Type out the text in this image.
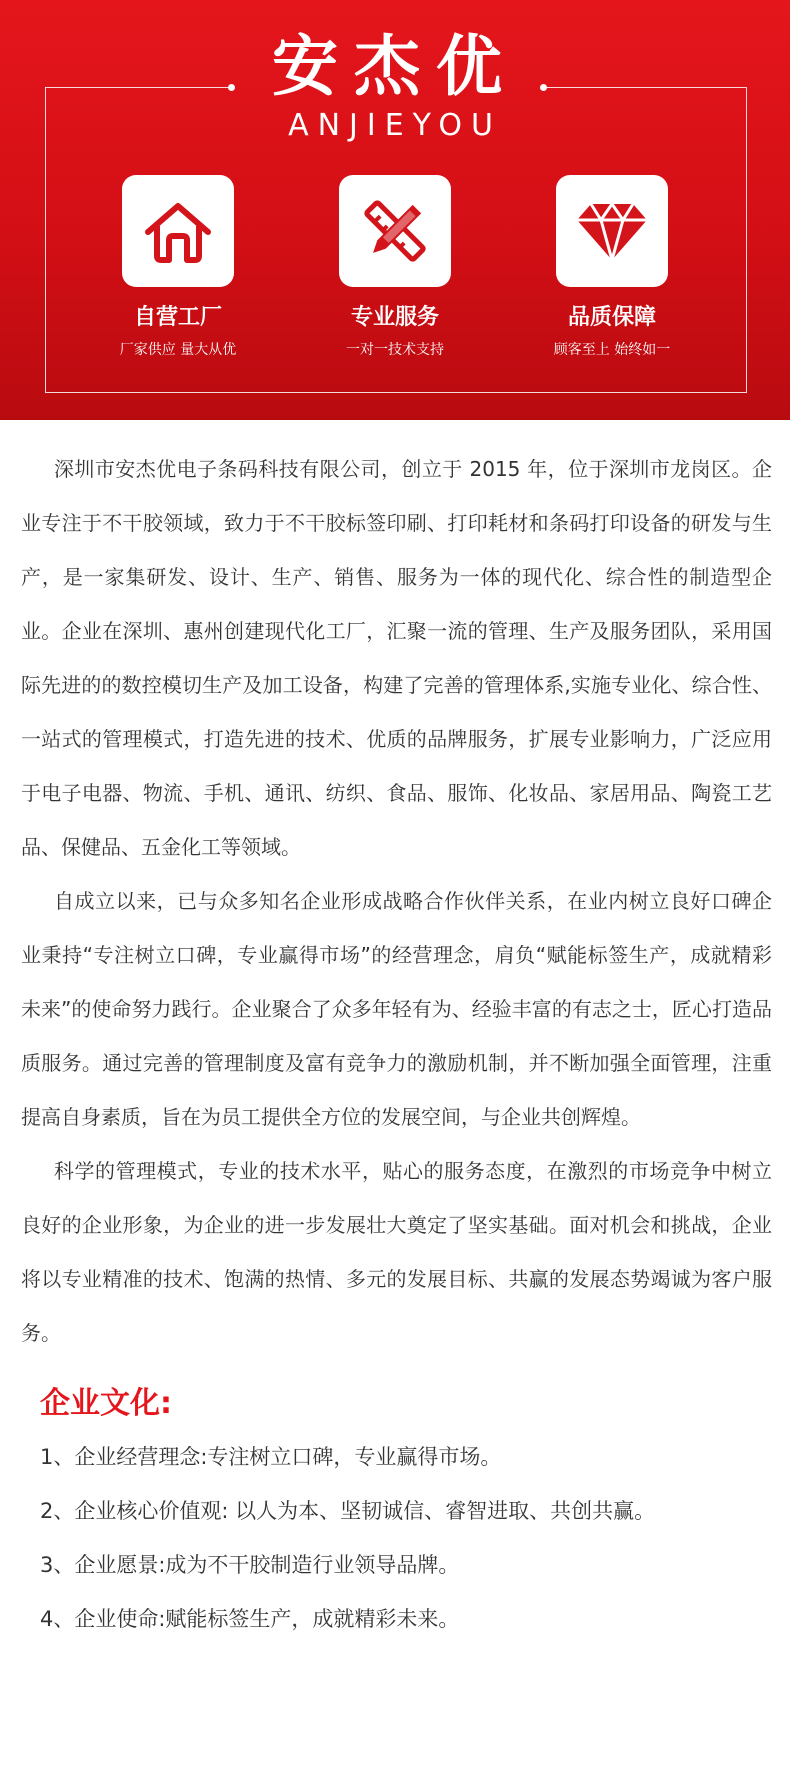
安杰优
ANJIEYOU
自营工厂
厂家供应 量大从优
专业服务
一对一技术支持
品质保障
顾客至上 始终如一

深圳市安杰优电子条码科技有限公司，创立于 2015 年，位于深圳市龙岗区。企业专注于不干胶领域，致力于不干胶标签印刷、打印耗材和条码打印设备的研发与生产，是一家集研发、设计、生产、销售、服务为一体的现代化、综合性的制造型企业。企业在深圳、惠州创建现代化工厂，汇聚一流的管理、生产及服务团队，采用国际先进的的数控模切生产及加工设备，构建了完善的管理体系,实施专业化、综合性、一站式的管理模式，打造先进的技术、优质的品牌服务，扩展专业影响力，广泛应用于电子电器、物流、手机、通讯、纺织、食品、服饰、化妆品、家居用品、陶瓷工艺品、保健品、五金化工等领域。

自成立以来，已与众多知名企业形成战略合作伙伴关系，在业内树立良好口碑企业秉持“专注树立口碑，专业赢得市场”的经营理念，肩负“赋能标签生产，成就精彩未来”的使命努力践行。企业聚合了众多年轻有为、经验丰富的有志之士，匠心打造品质服务。通过完善的管理制度及富有竞争力的激励机制，并不断加强全面管理，注重提高自身素质，旨在为员工提供全方位的发展空间，与企业共创辉煌。

科学的管理模式，专业的技术水平，贴心的服务态度，在激烈的市场竞争中树立良好的企业形象，为企业的进一步发展壮大奠定了坚实基础。面对机会和挑战，企业将以专业精准的技术、饱满的热情、多元的发展目标、共赢的发展态势竭诚为客户服务。

企业文化:
1、企业经营理念:专注树立口碑，专业赢得市场。
2、企业核心价值观: 以人为本、坚韧诚信、睿智进取、共创共赢。
3、企业愿景:成为不干胶制造行业领导品牌。
4、企业使命:赋能标签生产，成就精彩未来。
